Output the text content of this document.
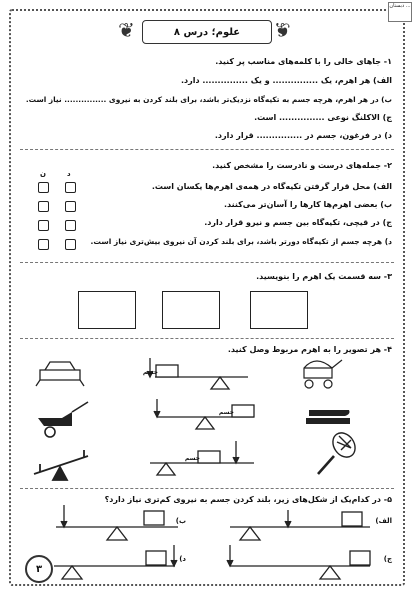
دبستان ...
❦	علوم؛ درس ۸	❦
۱- جاهای خالی را با کلمه‌های مناسب پر کنید.
الف) هر اهرم، یک ............... و یک ............... دارد.
ب) در هر اهرم، هرچه جسم به تکیه‌گاه نزدیک‌تر باشد، برای بلند کردن به نیروی ............... نیاز است.
ج) الاکلنگ نوعی ............... است.
د) در فرغون، جسم در ............... قرار دارد.
۲- جمله‌های درست و نادرست را مشخص کنید.
د
ن
الف) محل قرار گرفتن تکیه‌گاه در همه‌ی اهرم‌ها یکسان است.
ب) بعضی اهرم‌ها کارها را آسان‌تر می‌کنند.
ج) در قیچی، تکیه‌گاه بین جسم و نیرو قرار دارد.
د) هرچه جسم از تکیه‌گاه دورتر باشد، برای بلند کردن آن نیروی بیش‌تری نیاز است.
۳- سه قسمت یک اهرم را بنویسید.
۴- هر تصویر را به اهرم مربوط وصل کنید.
جسم
جسم
جسم
۵- در کدام‌یک از شکل‌های زیر، بلند کردن جسم به نیروی کم‌تری نیاز دارد؟
الف)
ب)
ج)
د)
۳
